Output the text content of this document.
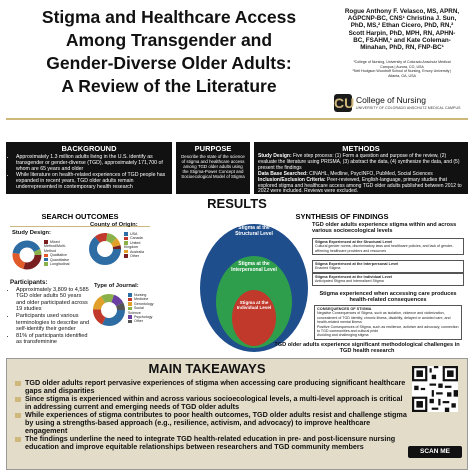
Stigma and Healthcare Access
Among Transgender and
Gender-Diverse Older Adults:
A Review of the Literature
Rogue Anthony F. Velasco, MS, APRN,
AGPCNP-BC, CNS¹ Christina J. Sun,
PhD, MS,² Ethan Cicero, PhD, RN,²
Scott Harpin, PhD, MPH, RN, APHN-
BC, FSAHM,¹ and Kate Coleman-
Minahan, PhD, RN, FNP-BC¹
¹College of Nursing, University of Colorado Anschutz Medical
Campus | Aurora, CO, USA
²Nell Hodgson Woodruff School of Nursing, Emory University |
Atlanta, GA, USA
CU College of Nursing
UNIVERSITY OF COLORADO ANSCHUTZ MEDICAL CAMPUS
BACKGROUND
• Approximately 1.3 million adults living in the U.S. identify as transgender or gender-diverse (TGD), approximately 171,700 of whom are 65 years and older
• While literature on health-related experiences of TGD people has expanded in recent years, TGD older adults remain underrepresented in contemporary health research
PURPOSE
Describe the state of the science of stigma and healthcare access among TGD older adults using the Stigma-Power Concept and Socioecological Model of Stigma
METHODS
Study Design: Five step process: (1) Form a question and purpose of the review, (2) evaluate the literature using PRISMA, (3) abstract the data, (4) synthesize the data, and (5) present the findings
Data Base Searched: CINAHL, Medline, PsycINFO, PubMed, Social Sciences
Inclusion/Exclusion Criteria: Peer-reviewed, English-language, primary studies that explored stigma and healthcare access among TGD older adults published between 2012 to 2022 were included. Reviews were excluded.
RESULTS
SEARCH OUTCOMES
Study Design:
Mixed Method/Multi-Method
Qualitative
Quantitative
Longitudinal
County of Origin:
USA
Canada
United Kingdom
Australia
Other
Type of Journal:
Nursing
Medicine
Gerontology
Social Science
Psychology
Other
Participants:
• Approximately 3,809 to 4,585 TGD older adults 50 years and older participated across 19 studies
• Participants used various terminologies to describe and self-identify their gender
• 81% of participants identified as transfeminine
SYNTHESIS OF FINDINGS
Stigma at the Structural Level
Stigma at the Interpersonal Level
Stigma at the Individual Level
TGD older adults experience stigma within and across various socioecological levels
Stigma Experienced at the Structural Level
Cultural gender norms, discriminatory laws and healthcare policies, and lack of gender-affirming healthcare providers and resources
Stigma Experienced at the Interpersonal Level
Enacted Stigma
Stigma Experienced at the Individual Level
Anticipated Stigma and Internalized Stigma
Stigma experienced when accessing care produces health-related consequences
CONSEQUENCES OF STIGMA
Negative Consequences of Stigma, such as isolation, violence and victimization, concealment of TGD identity, chronic illness, disability, delayed or avoided care, and health-related mental illness
Positive Consequences of Stigma, such as resilience, activism and advocacy, connection to TGD communities and cultural pride
Avoiding and challenging stigma
TGD older adults experience significant methodological challenges in TGD health research
MAIN TAKEAWAYS
TGD older adults report pervasive experiences of stigma when accessing care producing significant healthcare gaps and disparities
Since stigma is experienced within and across various socioecological levels, a multi-level approach is critical in addressing current and emerging needs of TGD older adults
While experiences of stigma contributes to poor health outcomes, TGD older adults resist and challenge stigma by using a strengths-based approach (e.g., resilience, activism, and advocacy) to improve healthcare engagement
The findings underline the need to integrate TGD health-related education in pre- and post-licensure nursing education and improve equitable relationships between researchers and TGD community members
SCAN ME
